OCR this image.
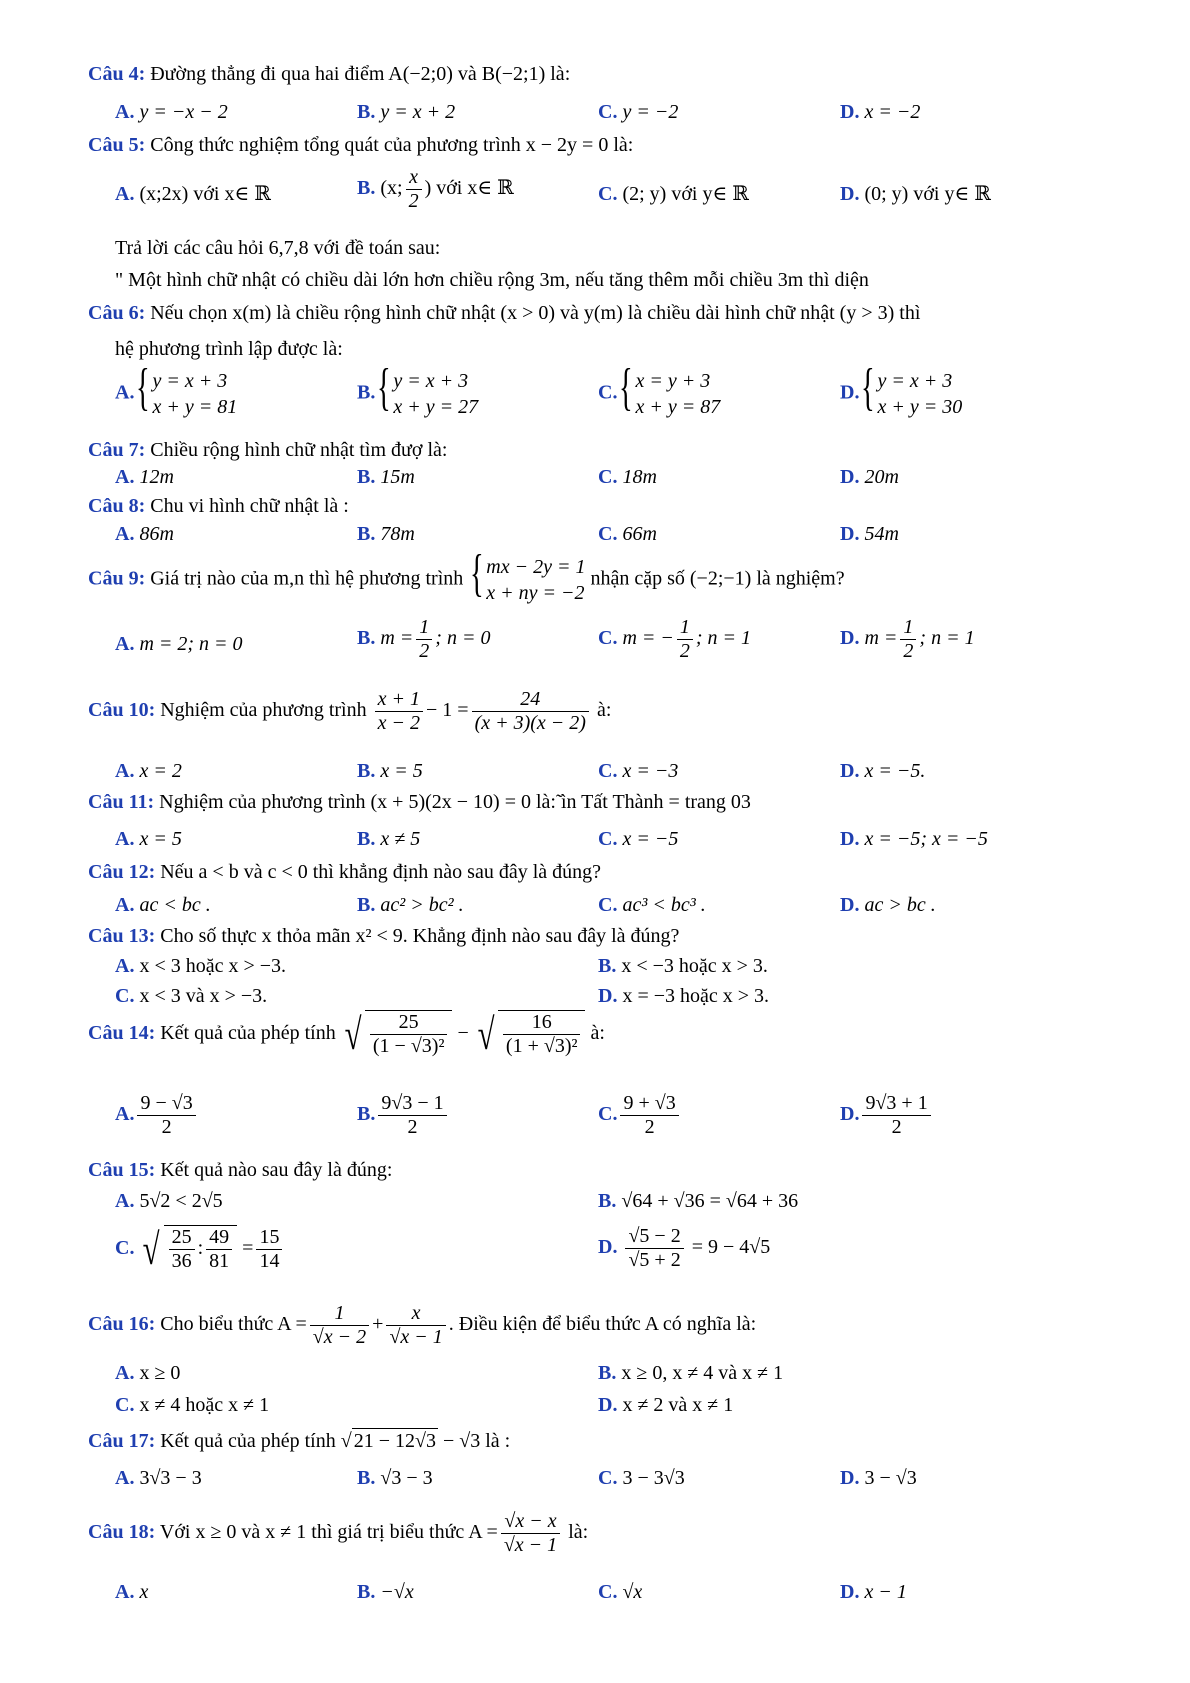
Câu 4: Đường thẳng đi qua hai điểm A(−2;0) và B(−2;1) là:
A. y = −x − 2	B. y = x + 2	C. y = −2	D. x = −2
Câu 5: Công thức nghiệm tổng quát của phương trình x − 2y = 0 là:
A. (x;2x) với x∈ ℝ	B. (x; $\frac{x}{2}$ ) với x∈ ℝ	C. (2; y) với y∈ ℝ	D. (0; y) với y∈ ℝ
Trả lời các câu hỏi 6,7,8 với đề toán sau:
" Một hình chữ nhật có chiều dài lớn hơn chiều rộng 3m, nếu tăng thêm mỗi chiều 3m thì diện
Câu 6: Nếu chọn x(m) là chiều rộng hình chữ nhật (x > 0) và y(m) là chiều dài hình chữ nhật (y > 3) thì
hệ phương trình lập được là:
A.
{ y = x + 3
x + y = 81
B.
{ y = x + 3
x + y = 27
C.
{ x = y + 3
x + y = 87
D.
{ y = x + 3
x + y = 30
Câu 7: Chiều rộng hình chữ nhật tìm đượ là:
A. 12m	B. 15m	C. 18m	D. 20m
Câu 8: Chu vi hình chữ nhật là :
A. 86m	B. 78m	C. 66m	D. 54m
Câu 9: Giá trị nào của m,n thì hệ phương trình
{ mx − 2y = 1
x + ny = −2
nhận cặp số (−2;−1) là nghiệm?
A. m = 2; n = 0	B. $m = \frac{1}{2}$ ; n = 0	C. m = − $\frac{1}{2}$ ; n = 1	D. $m = \frac{1}{2}$ ; n = 1
Câu 10: Nghiệm của phương trình $\frac{x + 1}{x - 2} - 1 = \frac{24}{(x + 3)(x - 2)}$ à:
A. x = 2	B. x = 5	C. x = −3	D. x = −5.
Câu 11: Nghiệm của phương trình (x + 5)(2x − 10) = 0 là:̃ ìn Tất Thành = trang 03
A. x = 5	B. x ≠ 5	C. x = −5	D. x = −5; x = −5
Câu 12: Nếu a < b và c < 0 thì khẳng định nào sau đây là đúng?
A. ac < bc .	B. ac² > bc² .	C. ac³ < bc³ .	D. ac > bc .
Câu 13: Cho số thực x thỏa mãn x² < 9. Khẳng định nào sau đây là đúng?
A. x < 3 hoặc x > −3.	B. x < −3 hoặc x > 3.
C. x < 3 và x > −3.	D. x = −3 hoặc x > 3.
Câu 14: Kết quả của phép tính √ $\frac{25}{\text{(1 − √3)²}}$ − √ $\frac{16}{\text{(1 + √3)²}}$ à:
A. $\frac{9 - √3}{2}$	B. $\frac{9√3 - 1}{2}$	C. $\frac{9 + √3}{2}$	D. $\frac{9√3 + 1}{2}$
Câu 15: Kết quả nào sau đây là đúng:
A. 5√2 < 2√5	B. √64 + √36 = √64 + 36
C. √ $\frac{25}{36}$ : $\frac{49}{81} = \frac{15}{14}$	D. $\frac{√5 - 2}{√5 + 2} = 9 - 4√5$
Câu 16: Cho biểu thức $A = \frac{1}{√x - 2} + \frac{x}{√x - 1}$ . Điều kiện để biểu thức A có nghĩa là:
A. x ≥ 0	B. x ≥ 0, x ≠ 4 và x ≠ 1
C. x ≠ 4 hoặc x ≠ 1	D. x ≠ 2 và x ≠ 1
Câu 17: Kết quả của phép tính √ 21 − 12√3 − √3 là :
A. 3√3 − 3	B. √3 − 3	C. 3 − 3√3	D. 3 − √3
Câu 18: Với x ≥ 0 và x ≠ 1 thì giá trị biểu thức $A = \frac{√x - x}{√x - 1}$ là:
A. x	B. −√x	C. √x	D. x − 1
